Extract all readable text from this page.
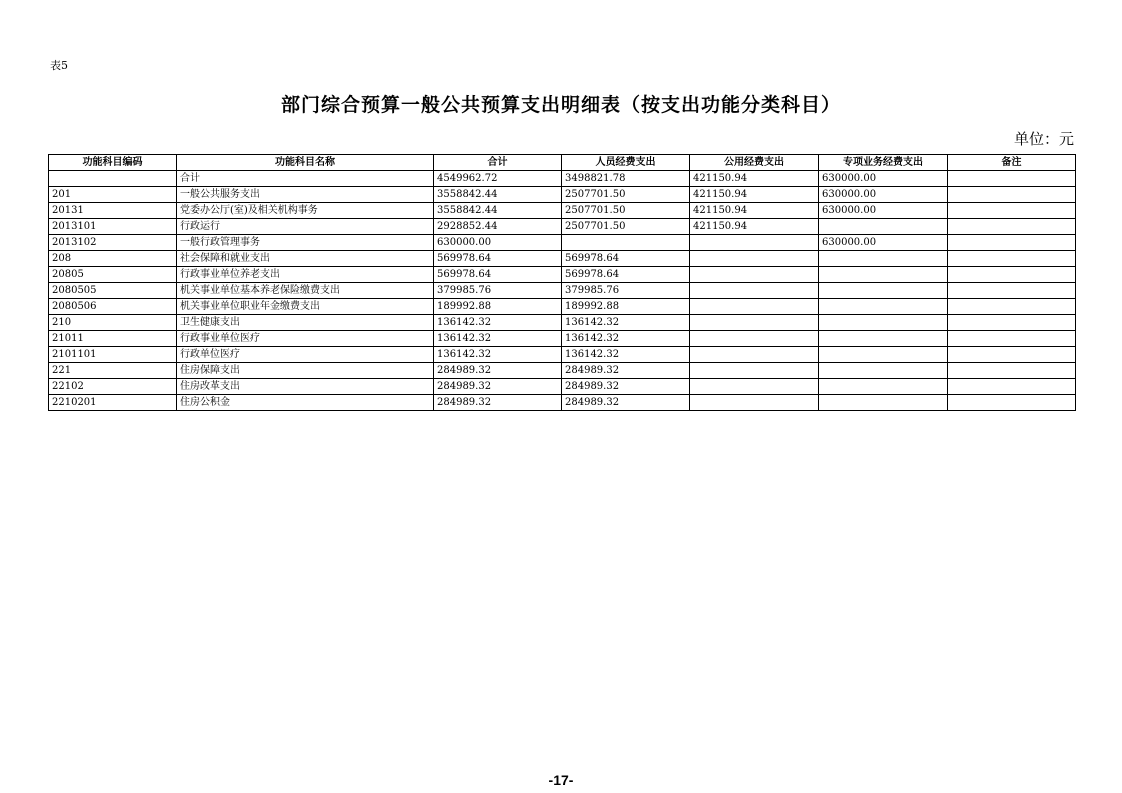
表5
部门综合预算一般公共预算支出明细表（按支出功能分类科目）
单位：元
功能科目编码	功能科目名称	合计	人员经费支出	公用经费支出	专项业务经费支出	备注
	合计	4549962.72	3498821.78	421150.94	630000.00	
201	一般公共服务支出	3558842.44	2507701.50	421150.94	630000.00	
20131	党委办公厅(室)及相关机构事务	3558842.44	2507701.50	421150.94	630000.00	
2013101	行政运行	2928852.44	2507701.50	421150.94		
2013102	一般行政管理事务	630000.00			630000.00	
208	社会保障和就业支出	569978.64	569978.64			
20805	行政事业单位养老支出	569978.64	569978.64			
2080505	机关事业单位基本养老保险缴费支出	379985.76	379985.76			
2080506	机关事业单位职业年金缴费支出	189992.88	189992.88			
210	卫生健康支出	136142.32	136142.32			
21011	行政事业单位医疗	136142.32	136142.32			
2101101	行政单位医疗	136142.32	136142.32			
221	住房保障支出	284989.32	284989.32			
22102	住房改革支出	284989.32	284989.32			
2210201	住房公积金	284989.32	284989.32			
-17-
